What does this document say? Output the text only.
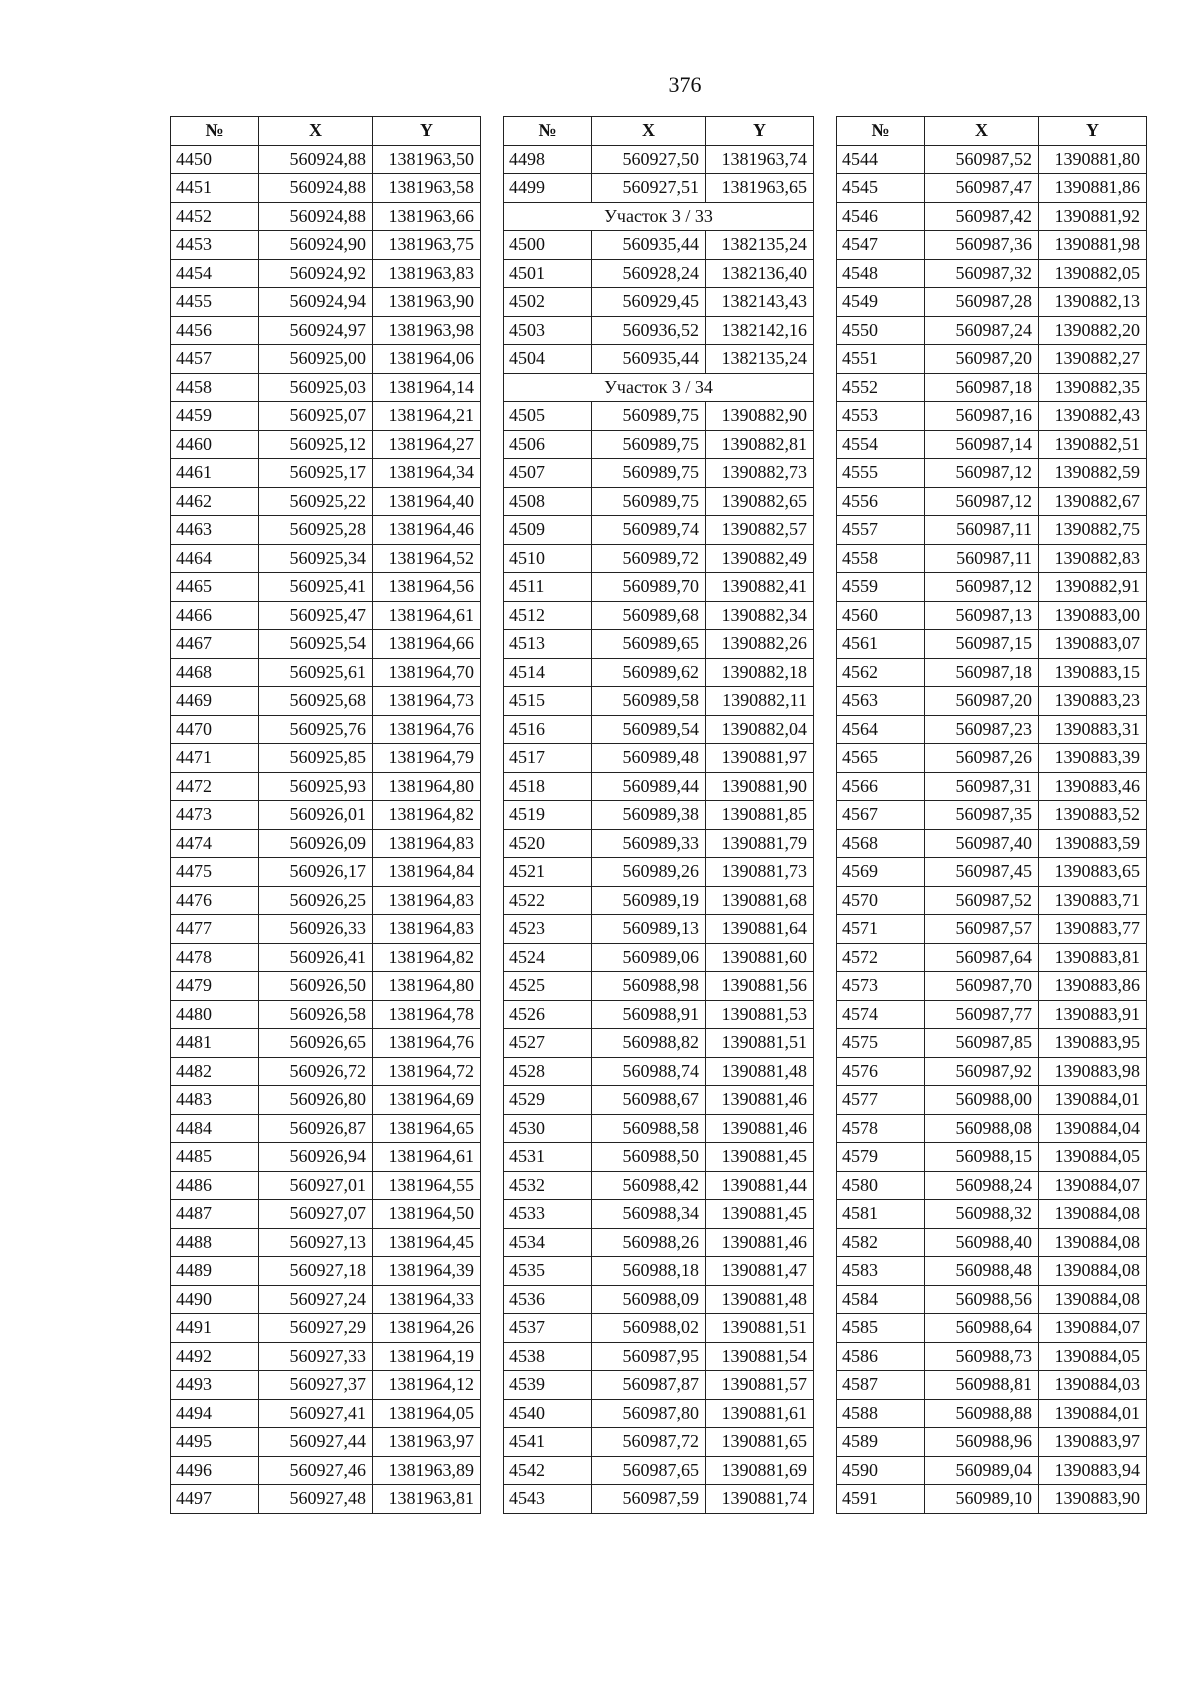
376
№	X	Y
4450	560924,88	1381963,50
4451	560924,88	1381963,58
4452	560924,88	1381963,66
4453	560924,90	1381963,75
4454	560924,92	1381963,83
4455	560924,94	1381963,90
4456	560924,97	1381963,98
4457	560925,00	1381964,06
4458	560925,03	1381964,14
4459	560925,07	1381964,21
4460	560925,12	1381964,27
4461	560925,17	1381964,34
4462	560925,22	1381964,40
4463	560925,28	1381964,46
4464	560925,34	1381964,52
4465	560925,41	1381964,56
4466	560925,47	1381964,61
4467	560925,54	1381964,66
4468	560925,61	1381964,70
4469	560925,68	1381964,73
4470	560925,76	1381964,76
4471	560925,85	1381964,79
4472	560925,93	1381964,80
4473	560926,01	1381964,82
4474	560926,09	1381964,83
4475	560926,17	1381964,84
4476	560926,25	1381964,83
4477	560926,33	1381964,83
4478	560926,41	1381964,82
4479	560926,50	1381964,80
4480	560926,58	1381964,78
4481	560926,65	1381964,76
4482	560926,72	1381964,72
4483	560926,80	1381964,69
4484	560926,87	1381964,65
4485	560926,94	1381964,61
4486	560927,01	1381964,55
4487	560927,07	1381964,50
4488	560927,13	1381964,45
4489	560927,18	1381964,39
4490	560927,24	1381964,33
4491	560927,29	1381964,26
4492	560927,33	1381964,19
4493	560927,37	1381964,12
4494	560927,41	1381964,05
4495	560927,44	1381963,97
4496	560927,46	1381963,89
4497	560927,48	1381963,81
№	X	Y
4498	560927,50	1381963,74
4499	560927,51	1381963,65
Участок 3 / 33		
4500	560935,44	1382135,24
4501	560928,24	1382136,40
4502	560929,45	1382143,43
4503	560936,52	1382142,16
4504	560935,44	1382135,24
Участок 3 / 34		
4505	560989,75	1390882,90
4506	560989,75	1390882,81
4507	560989,75	1390882,73
4508	560989,75	1390882,65
4509	560989,74	1390882,57
4510	560989,72	1390882,49
4511	560989,70	1390882,41
4512	560989,68	1390882,34
4513	560989,65	1390882,26
4514	560989,62	1390882,18
4515	560989,58	1390882,11
4516	560989,54	1390882,04
4517	560989,48	1390881,97
4518	560989,44	1390881,90
4519	560989,38	1390881,85
4520	560989,33	1390881,79
4521	560989,26	1390881,73
4522	560989,19	1390881,68
4523	560989,13	1390881,64
4524	560989,06	1390881,60
4525	560988,98	1390881,56
4526	560988,91	1390881,53
4527	560988,82	1390881,51
4528	560988,74	1390881,48
4529	560988,67	1390881,46
4530	560988,58	1390881,46
4531	560988,50	1390881,45
4532	560988,42	1390881,44
4533	560988,34	1390881,45
4534	560988,26	1390881,46
4535	560988,18	1390881,47
4536	560988,09	1390881,48
4537	560988,02	1390881,51
4538	560987,95	1390881,54
4539	560987,87	1390881,57
4540	560987,80	1390881,61
4541	560987,72	1390881,65
4542	560987,65	1390881,69
4543	560987,59	1390881,74
№	X	Y
4544	560987,52	1390881,80
4545	560987,47	1390881,86
4546	560987,42	1390881,92
4547	560987,36	1390881,98
4548	560987,32	1390882,05
4549	560987,28	1390882,13
4550	560987,24	1390882,20
4551	560987,20	1390882,27
4552	560987,18	1390882,35
4553	560987,16	1390882,43
4554	560987,14	1390882,51
4555	560987,12	1390882,59
4556	560987,12	1390882,67
4557	560987,11	1390882,75
4558	560987,11	1390882,83
4559	560987,12	1390882,91
4560	560987,13	1390883,00
4561	560987,15	1390883,07
4562	560987,18	1390883,15
4563	560987,20	1390883,23
4564	560987,23	1390883,31
4565	560987,26	1390883,39
4566	560987,31	1390883,46
4567	560987,35	1390883,52
4568	560987,40	1390883,59
4569	560987,45	1390883,65
4570	560987,52	1390883,71
4571	560987,57	1390883,77
4572	560987,64	1390883,81
4573	560987,70	1390883,86
4574	560987,77	1390883,91
4575	560987,85	1390883,95
4576	560987,92	1390883,98
4577	560988,00	1390884,01
4578	560988,08	1390884,04
4579	560988,15	1390884,05
4580	560988,24	1390884,07
4581	560988,32	1390884,08
4582	560988,40	1390884,08
4583	560988,48	1390884,08
4584	560988,56	1390884,08
4585	560988,64	1390884,07
4586	560988,73	1390884,05
4587	560988,81	1390884,03
4588	560988,88	1390884,01
4589	560988,96	1390883,97
4590	560989,04	1390883,94
4591	560989,10	1390883,90
